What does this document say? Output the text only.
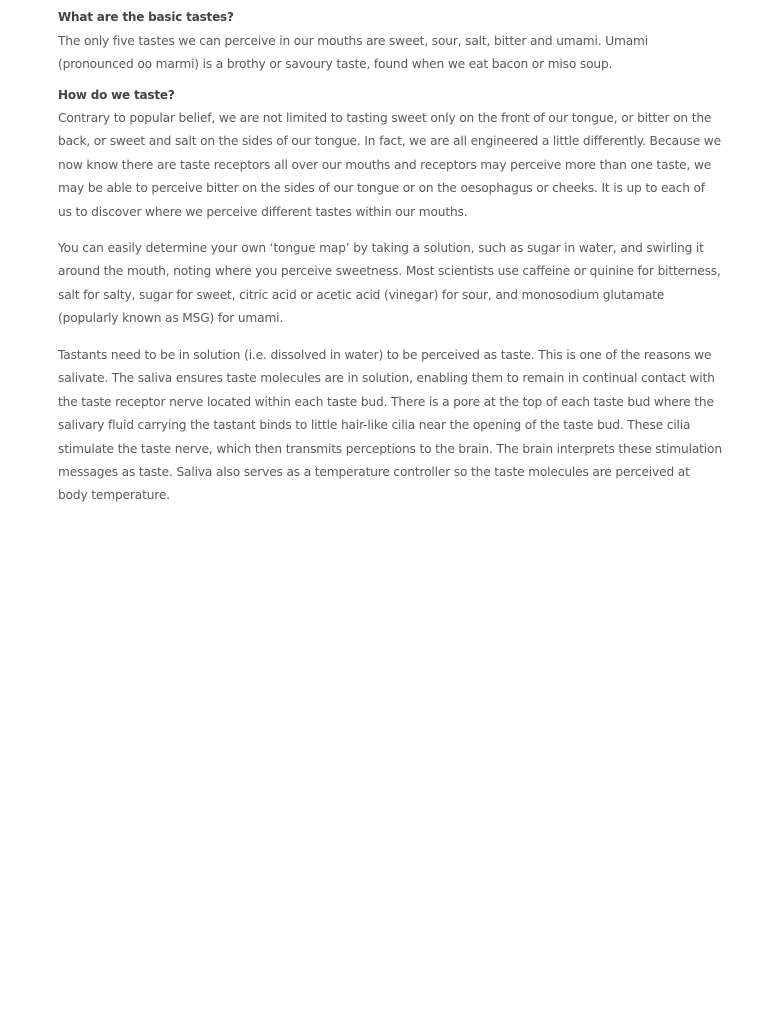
What are the basic tastes?

The only five tastes we can perceive in our mouths are sweet, sour, salt, bitter and umami. Umami (pronounced oo marmi) is a brothy or savoury taste, found when we eat bacon or miso soup.

How do we taste?

Contrary to popular belief, we are not limited to tasting sweet only on the front of our tongue, or bitter on the back, or sweet and salt on the sides of our tongue. In fact, we are all engineered a little differently. Because we now know there are taste receptors all over our mouths and receptors may perceive more than one taste, we may be able to perceive bitter on the sides of our tongue or on the oesophagus or cheeks. It is up to each of us to discover where we perceive different tastes within our mouths.

You can easily determine your own ‘tongue map’ by taking a solution, such as sugar in water, and swirling it around the mouth, noting where you perceive sweetness. Most scientists use caffeine or quinine for bitterness, salt for salty, sugar for sweet, citric acid or acetic acid (vinegar) for sour, and monosodium glutamate (popularly known as MSG) for umami.

Tastants need to be in solution (i.e. dissolved in water) to be perceived as taste. This is one of the reasons we salivate. The saliva ensures taste molecules are in solution, enabling them to remain in continual contact with the taste receptor nerve located within each taste bud. There is a pore at the top of each taste bud where the salivary fluid carrying the tastant binds to little hair-like cilia near the opening of the taste bud. These cilia stimulate the taste nerve, which then transmits perceptions to the brain. The brain interprets these stimulation messages as taste. Saliva also serves as a temperature controller so the taste molecules are perceived at body temperature.
